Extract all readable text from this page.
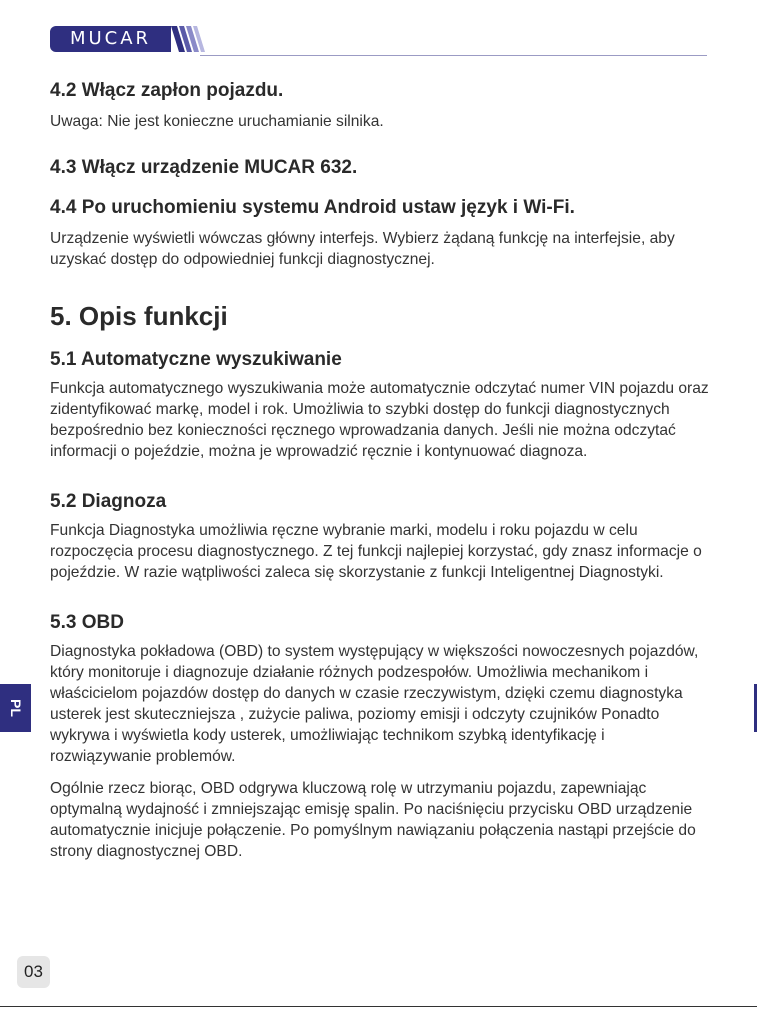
MUCAR
4.2 Włącz zapłon pojazdu.

Uwaga: Nie jest konieczne uruchamianie silnika.

4.3 Włącz urządzenie MUCAR 632.
4.4 Po uruchomieniu systemu Android ustaw język i Wi-Fi.

Urządzenie wyświetli wówczas główny interfejs. Wybierz żądaną funkcję na interfejsie, aby uzyskać dostęp do odpowiedniej funkcji diagnostycznej.

5. Opis funkcji
5.1 Automatyczne wyszukiwanie

Funkcja automatycznego wyszukiwania może automatycznie odczytać numer VIN pojazdu oraz zidentyfikować markę, model i rok. Umożliwia to szybki dostęp do funkcji diagnostycznych bezpośrednio bez konieczności ręcznego wprowadzania danych. Jeśli nie można odczytać informacji o pojeździe, można je wprowadzić ręcznie i kontynuować diagnoza.

5.2 Diagnoza

Funkcja Diagnostyka umożliwia ręczne wybranie marki, modelu i roku pojazdu w celu rozpoczęcia procesu diagnostycznego. Z tej funkcji najlepiej korzystać, gdy znasz informacje o pojeździe. W razie wątpliwości zaleca się skorzystanie z funkcji Inteligentnej Diagnostyki.

5.3 OBD

Diagnostyka pokładowa (OBD) to system występujący w większości nowoczesnych pojazdów, który monitoruje i diagnozuje działanie różnych podzespołów. Umożliwia mechanikom i właścicielom pojazdów dostęp do danych w czasie rzeczywistym, dzięki czemu diagnostyka usterek jest skuteczniejsza , zużycie paliwa, poziomy emisji i odczyty czujników Ponadto wykrywa i wyświetla kody usterek, umożliwiając technikom szybką identyfikację i rozwiązywanie problemów.

Ogólnie rzecz biorąc, OBD odgrywa kluczową rolę w utrzymaniu pojazdu, zapewniając optymalną wydajność i zmniejszając emisję spalin. Po naciśnięciu przycisku OBD urządzenie automatycznie inicjuje połączenie. Po pomyślnym nawiązaniu połączenia nastąpi przejście do strony diagnostycznej OBD.

PL
03
